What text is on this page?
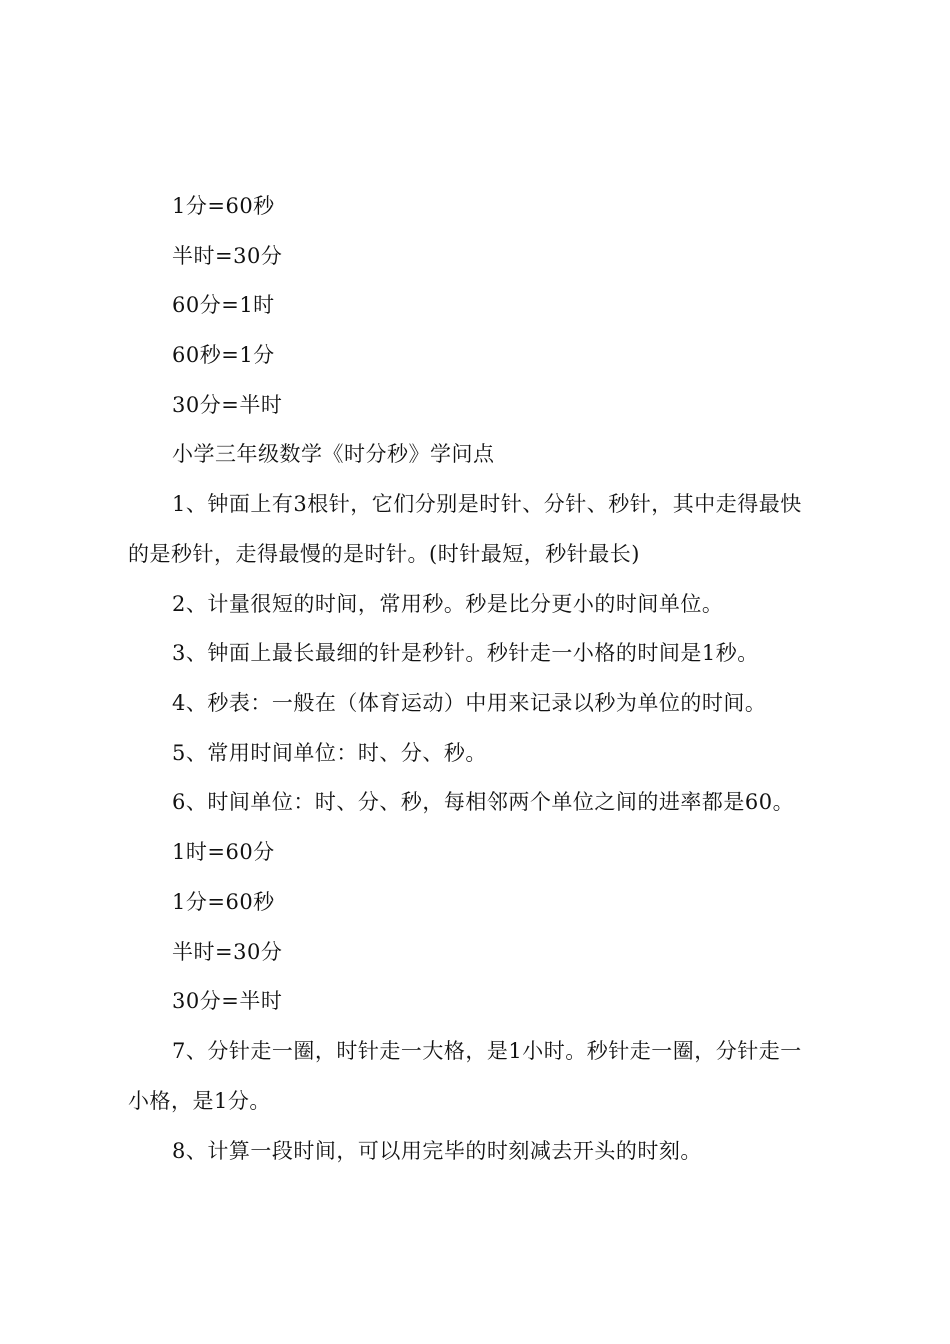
1分=60秒
半时=30分
60分=1时
60秒=1分
30分=半时
小学三年级数学《时分秒》学问点
1、钟面上有3根针，它们分别是时针、分针、秒针，其中走得最快
的是秒针，走得最慢的是时针。(时针最短，秒针最长)
2、计量很短的时间，常用秒。秒是比分更小的时间单位。
3、钟面上最长最细的针是秒针。秒针走一小格的时间是1秒。
4、秒表：一般在（体育运动）中用来记录以秒为单位的时间。
5、常用时间单位：时、分、秒。
6、时间单位：时、分、秒，每相邻两个单位之间的进率都是60。
1时=60分
1分=60秒
半时=30分
30分=半时
7、分针走一圈，时针走一大格，是1小时。秒针走一圈，分针走一
小格，是1分。
8、计算一段时间，可以用完毕的时刻减去开头的时刻。
